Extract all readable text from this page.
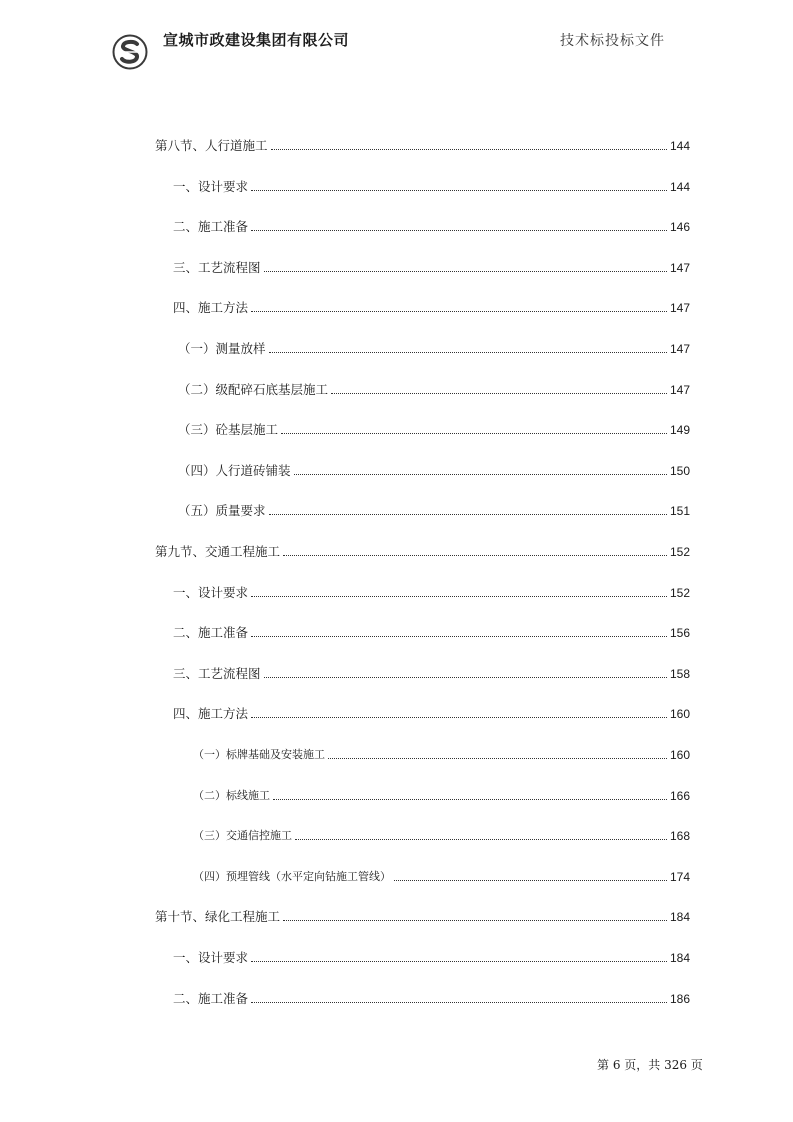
宣城市政建设集团有限公司	技术标投标文件
第八节、人行道施工	144
一、设计要求	144
二、施工准备	146
三、工艺流程图	147
四、施工方法	147
（一）测量放样	147
（二）级配碎石底基层施工	147
（三）砼基层施工	149
（四）人行道砖铺装	150
（五）质量要求	151
第九节、交通工程施工	152
一、设计要求	152
二、施工准备	156
三、工艺流程图	158
四、施工方法	160
（一）标牌基础及安装施工	160
（二）标线施工	166
（三）交通信控施工	168
（四）预埋管线（水平定向钻施工管线）	174
第十节、绿化工程施工	184
一、设计要求	184
二、施工准备	186
第 6 页，共 326 页
